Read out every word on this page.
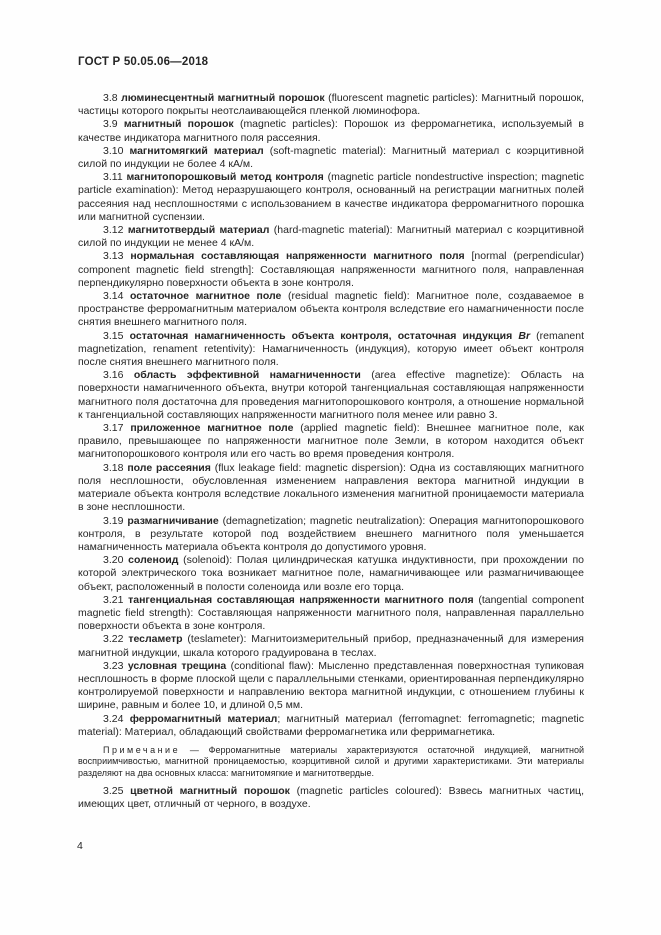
ГОСТ Р 50.05.06—2018

3.8 люминесцентный магнитный порошок (fluorescent magnetic particles): Магнитный порошок, частицы которого покрыты неотслаивающейся пленкой люминофора.

3.9 магнитный порошок (magnetic particles): Порошок из ферромагнетика, используемый в качестве индикатора магнитного поля рассеяния.

3.10 магнитомягкий материал (soft-magnetic material): Магнитный материал с коэрцитивной силой по индукции не более 4 кА/м.

3.11 магнитопорошковый метод контроля (magnetic particle nondestructive inspection; magnetic particle examination): Метод неразрушающего контроля, основанный на регистрации магнитных полей рассеяния над несплошностями с использованием в качестве индикатора ферромагнитного порошка или магнитной суспензии.

3.12 магнитотвердый материал (hard-magnetic material): Магнитный материал с коэрцитивной силой по индукции не менее 4 кА/м.

3.13 нормальная составляющая напряженности магнитного поля [normal (perpendicular) component magnetic field strength]: Составляющая напряженности магнитного поля, направленная перпендикулярно поверхности объекта в зоне контроля.

3.14 остаточное магнитное поле (residual magnetic field): Магнитное поле, создаваемое в пространстве ферромагнитным материалом объекта контроля вследствие его намагниченности после снятия внешнего магнитного поля.

3.15 остаточная намагниченность объекта контроля, остаточная индукция Br (remanent magnetization, renament retentivity): Намагниченность (индукция), которую имеет объект контроля после снятия внешнего магнитного поля.

3.16 область эффективной намагниченности (area effective magnetize): Область на поверхности намагниченного объекта, внутри которой тангенциальная составляющая напряженности магнитного поля достаточна для проведения магнитопорошкового контроля, а отношение нормальной к тангенциальной составляющих напряженности магнитного поля менее или равно 3.

3.17 приложенное магнитное поле (applied magnetic field): Внешнее магнитное поле, как правило, превышающее по напряженности магнитное поле Земли, в котором находится объект магнитопорошкового контроля или его часть во время проведения контроля.

3.18 поле рассеяния (flux leakage field: magnetic dispersion): Одна из составляющих магнитного поля несплошности, обусловленная изменением направления вектора магнитной индукции в материале объекта контроля вследствие локального изменения магнитной проницаемости материала в зоне несплошности.

3.19 размагничивание (demagnetization; magnetic neutralization): Операция магнитопорошкового контроля, в результате которой под воздействием внешнего магнитного поля уменьшается намагниченность материала объекта контроля до допустимого уровня.

3.20 соленоид (solenoid): Полая цилиндрическая катушка индуктивности, при прохождении по которой электрического тока возникает магнитное поле, намагничивающее или размагничивающее объект, расположенный в полости соленоида или возле его торца.

3.21 тангенциальная составляющая напряженности магнитного поля (tangential component magnetic field strength): Составляющая напряженности магнитного поля, направленная параллельно поверхности объекта в зоне контроля.

3.22 тесламетр (teslameter): Магнитоизмерительный прибор, предназначенный для измерения магнитной индукции, шкала которого градуирована в теслах.

3.23 условная трещина (conditional flaw): Мысленно представленная поверхностная тупиковая несплошность в форме плоской щели с параллельными стенками, ориентированная перпендикулярно контролируемой поверхности и направлению вектора магнитной индукции, с отношением глубины к ширине, равным и более 10, и длиной 0,5 мм.

3.24 ферромагнитный материал; магнитный материал (ferromagnet: ferromagnetic; magnetic material): Материал, обладающий свойствами ферромагнетика или ферримагнетика.

Примечание — Ферромагнитные материалы характеризуются остаточной индукцией, магнитной восприимчивостью, магнитной проницаемостью, коэрцитивной силой и другими характеристиками. Эти материалы разделяют на два основных класса: магнитомягкие и магнитотвердые.

3.25 цветной магнитный порошок (magnetic particles coloured): Взвесь магнитных частиц, имеющих цвет, отличный от черного, в воздухе.

4
